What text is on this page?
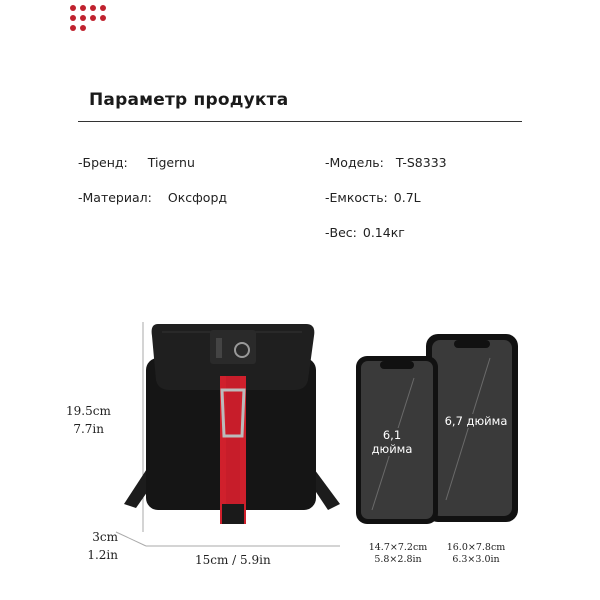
Параметр продукта
-Бренд: Tigernu
-Материал: Оксфорд
-Модель: T-S8333
-Емкость: 0.7L
-Вес: 0.14кг
19.5cm
7.7in
3cm
1.2in	15cm / 5.9in
6,1 дюйма
6,7 дюйма
14.7×7.2cm
5.8×2.8in
16.0×7.8cm
6.3×3.0in
